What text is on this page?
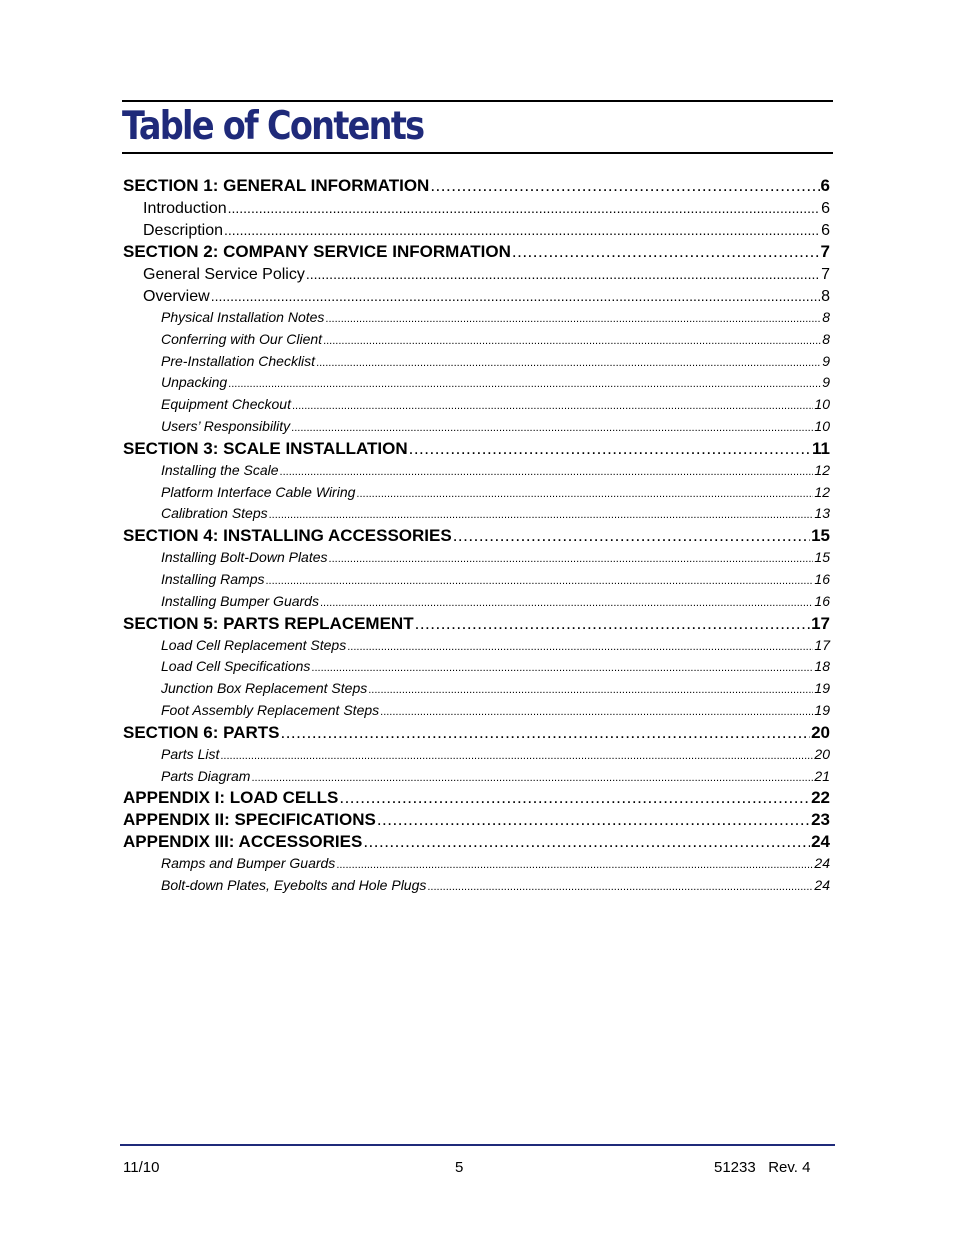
Table of Contents
SECTION 1: GENERAL INFORMATION .....	6
Introduction .....	6
Description .....	6
SECTION 2: COMPANY SERVICE INFORMATION .....	7
General Service Policy .....	7
Overview .....	8
Physical Installation Notes .....	8
Conferring with Our Client .....	8
Pre-Installation Checklist .....	9
Unpacking .....	9
Equipment Checkout .....	10
Users’ Responsibility .....	10
SECTION 3: SCALE INSTALLATION .....	11
Installing the Scale .....	12
Platform Interface Cable Wiring .....	12
Calibration Steps .....	13
SECTION 4: INSTALLING ACCESSORIES .....	15
Installing Bolt-Down Plates .....	15
Installing Ramps .....	16
Installing Bumper Guards .....	16
SECTION 5: PARTS REPLACEMENT .....	17
Load Cell Replacement Steps .....	17
Load Cell Specifications .....	18
Junction Box Replacement Steps .....	19
Foot Assembly Replacement Steps .....	19
SECTION 6: PARTS .....	20
Parts List .....	20
Parts Diagram .....	21
APPENDIX I: LOAD CELLS .....	22
APPENDIX II: SPECIFICATIONS .....	23
APPENDIX III: ACCESSORIES .....	24
Ramps and Bumper Guards .....	24
Bolt-down Plates, Eyebolts and Hole Plugs .....	24
11/10	5	51233   Rev. 4
